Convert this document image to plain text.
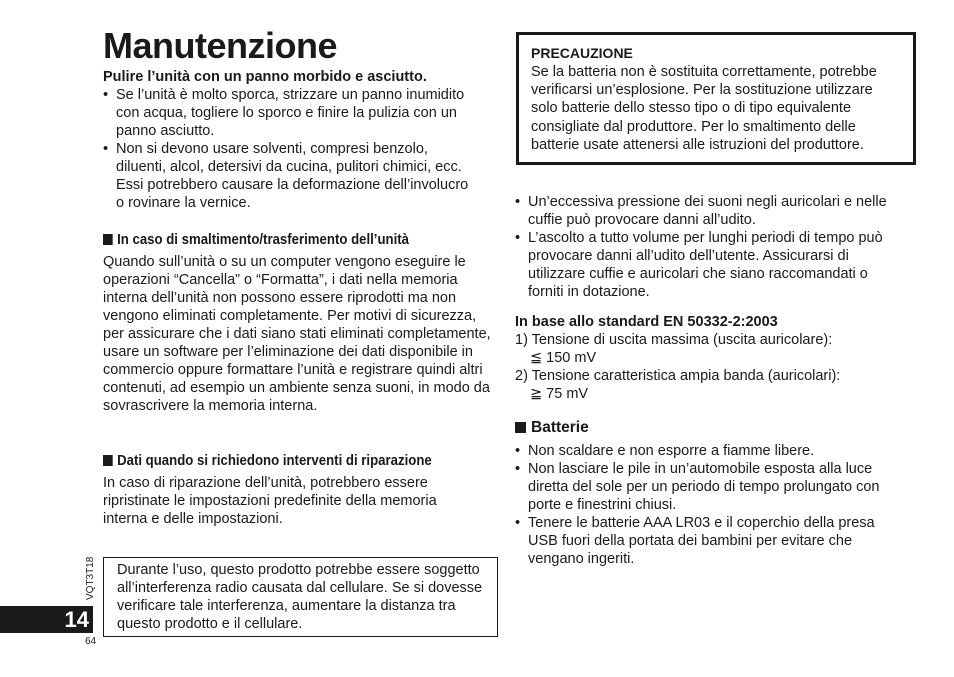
Manutenzione

Pulire l’unità con un panno morbido e asciutto.

• Se l’unità è molto sporca, strizzare un panno inumidito con acqua, togliere lo sporco e finire la pulizia con un panno asciutto.
• Non si devono usare solventi, compresi benzolo, diluenti, alcol, detersivi da cucina, pulitori chimici, ecc. Essi potrebbero causare la deformazione dell’involucro o rovinare la vernice.
In caso di smaltimento/trasferimento dell’unità

Quando sull’unità o su un computer vengono eseguire le operazioni “Cancella” o “Formatta”, i dati nella memoria interna dell’unità non possono essere riprodotti ma non vengono eliminati completamente. Per motivi di sicurezza, per assicurare che i dati siano stati eliminati completamente, usare un software per l’eliminazione dei dati disponibile in commercio oppure formattare l’unità e registrare quindi altri contenuti, ad esempio un ambiente senza suoni, in modo da sovrascrivere la memoria interna.

Dati quando si richiedono interventi di riparazione

In caso di riparazione dell’unità, potrebbero essere ripristinate le impostazioni predefinite della memoria interna e delle impostazioni.

Durante l’uso, questo prodotto potrebbe essere soggetto all’interferenza radio causata dal cellulare. Se si dovesse verificare tale interferenza, aumentare la distanza tra questo prodotto e il cellulare.

VQT3T18
14
64
PRECAUZIONE
Se la batteria non è sostituita correttamente, potrebbe verificarsi un’esplosione. Per la sostituzione utilizzare solo batterie dello stesso tipo o di tipo equivalente consigliate dal produttore. Per lo smaltimento delle batterie usate attenersi alle istruzioni del produttore.
• Un’eccessiva pressione dei suoni negli auricolari e nelle cuffie può provocare danni all’udito.
• L’ascolto a tutto volume per lunghi periodi di tempo può provocare danni all’udito dell’utente. Assicurarsi di utilizzare cuffie e auricolari che siano raccomandati o forniti in dotazione.

In base allo standard EN 50332-2:2003

1) Tensione di uscita massima (uscita auricolare):

≦ 150 mV

2) Tensione caratteristica ampia banda (auricolari):

≧ 75 mV

Batterie
• Non scaldare e non esporre a fiamme libere.
• Non lasciare le pile in un’automobile esposta alla luce diretta del sole per un periodo di tempo prolungato con porte e finestrini chiusi.
• Tenere le batterie AAA LR03 e il coperchio della presa USB fuori della portata dei bambini per evitare che vengano ingeriti.
